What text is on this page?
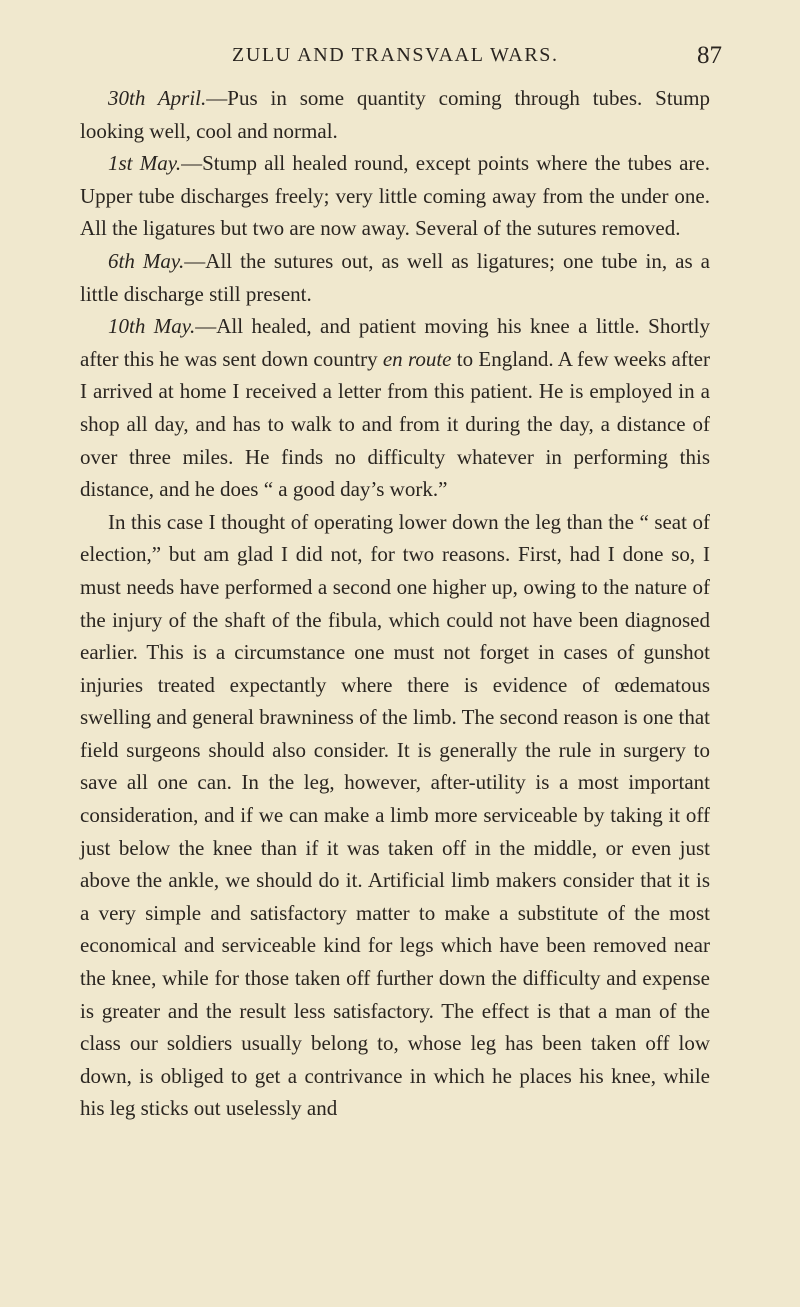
ZULU AND TRANSVAAL WARS.	87

30th April.—Pus in some quantity coming through tubes. Stump looking well, cool and normal.

1st May.—Stump all healed round, except points where the tubes are. Upper tube discharges freely; very little coming away from the under one. All the ligatures but two are now away. Several of the sutures removed.

6th May.—All the sutures out, as well as ligatures; one tube in, as a little discharge still present.

10th May.—All healed, and patient moving his knee a little. Shortly after this he was sent down country en route to England. A few weeks after I arrived at home I received a letter from this patient. He is employed in a shop all day, and has to walk to and from it during the day, a distance of over three miles. He finds no difficulty whatever in performing this distance, and he does “ a good day’s work.”

In this case I thought of operating lower down the leg than the “ seat of election,” but am glad I did not, for two reasons. First, had I done so, I must needs have performed a second one higher up, owing to the nature of the injury of the shaft of the fibula, which could not have been diagnosed earlier. This is a circumstance one must not forget in cases of gunshot injuries treated expectantly where there is evidence of œdematous swelling and general brawniness of the limb. The second reason is one that field surgeons should also consider. It is generally the rule in surgery to save all one can. In the leg, however, after-utility is a most important consideration, and if we can make a limb more serviceable by taking it off just below the knee than if it was taken off in the middle, or even just above the ankle, we should do it. Artificial limb makers consider that it is a very simple and satisfactory matter to make a substitute of the most economical and serviceable kind for legs which have been removed near the knee, while for those taken off further down the difficulty and expense is greater and the result less satisfactory. The effect is that a man of the class our soldiers usually belong to, whose leg has been taken off low down, is obliged to get a contrivance in which he places his knee, while his leg sticks out uselessly and
